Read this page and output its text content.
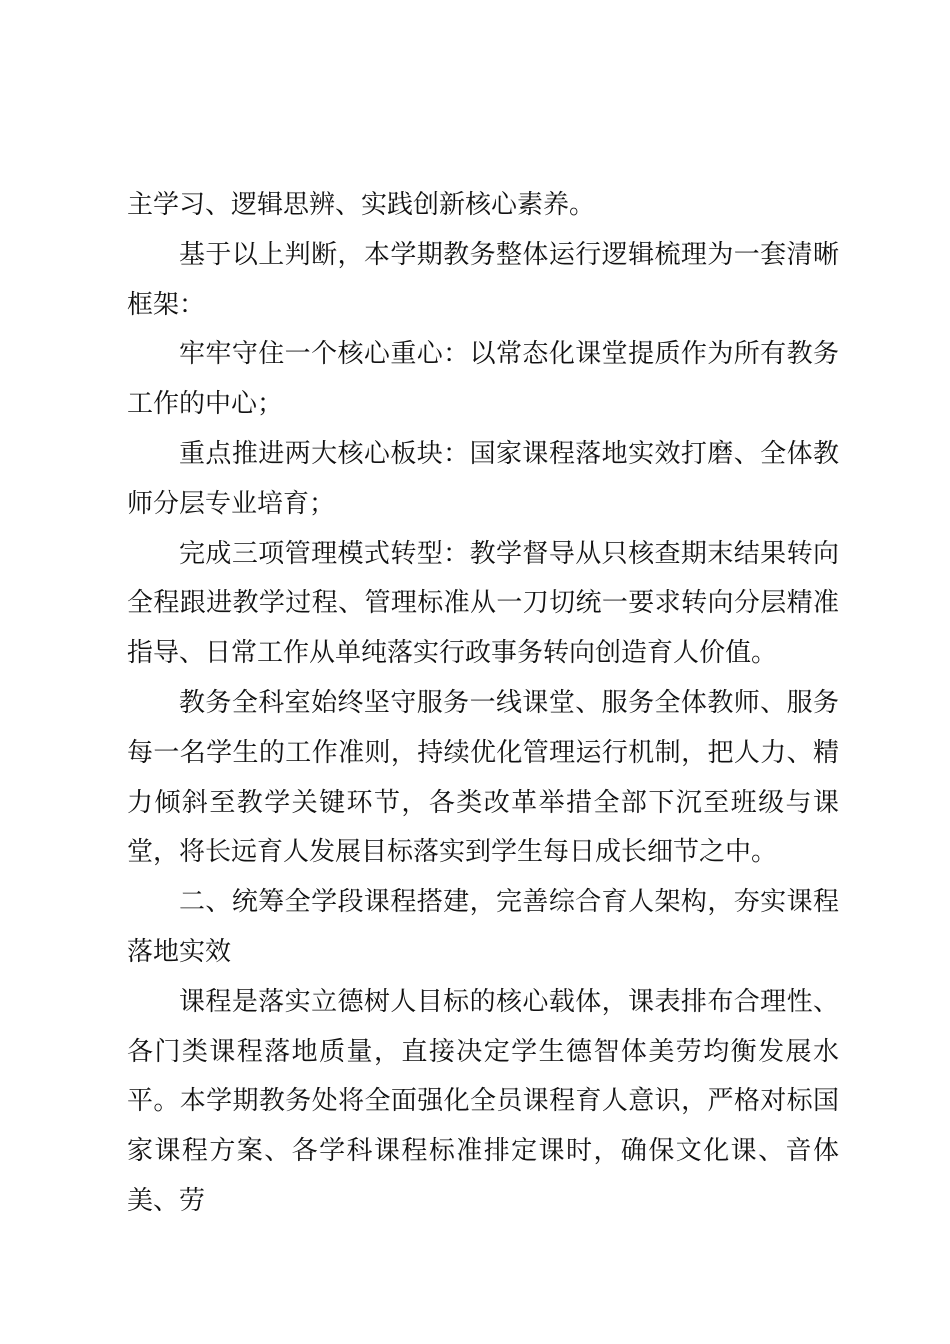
主学习、逻辑思辨、实践创新核心素养。

基于以上判断，本学期教务整体运行逻辑梳理为一套清晰框架：

牢牢守住一个核心重心：以常态化课堂提质作为所有教务工作的中心；

重点推进两大核心板块：国家课程落地实效打磨、全体教师分层专业培育；

完成三项管理模式转型：教学督导从只核查期末结果转向全程跟进教学过程、管理标准从一刀切统一要求转向分层精准指导、日常工作从单纯落实行政事务转向创造育人价值。

教务全科室始终坚守服务一线课堂、服务全体教师、服务每一名学生的工作准则，持续优化管理运行机制，把人力、精力倾斜至教学关键环节，各类改革举措全部下沉至班级与课堂，将长远育人发展目标落实到学生每日成长细节之中。

二、统筹全学段课程搭建，完善综合育人架构，夯实课程落地实效

课程是落实立德树人目标的核心载体，课表排布合理性、各门类课程落地质量，直接决定学生德智体美劳均衡发展水平。本学期教务处将全面强化全员课程育人意识，严格对标国家课程方案、各学科课程标准排定课时，确保文化课、音体美、劳
